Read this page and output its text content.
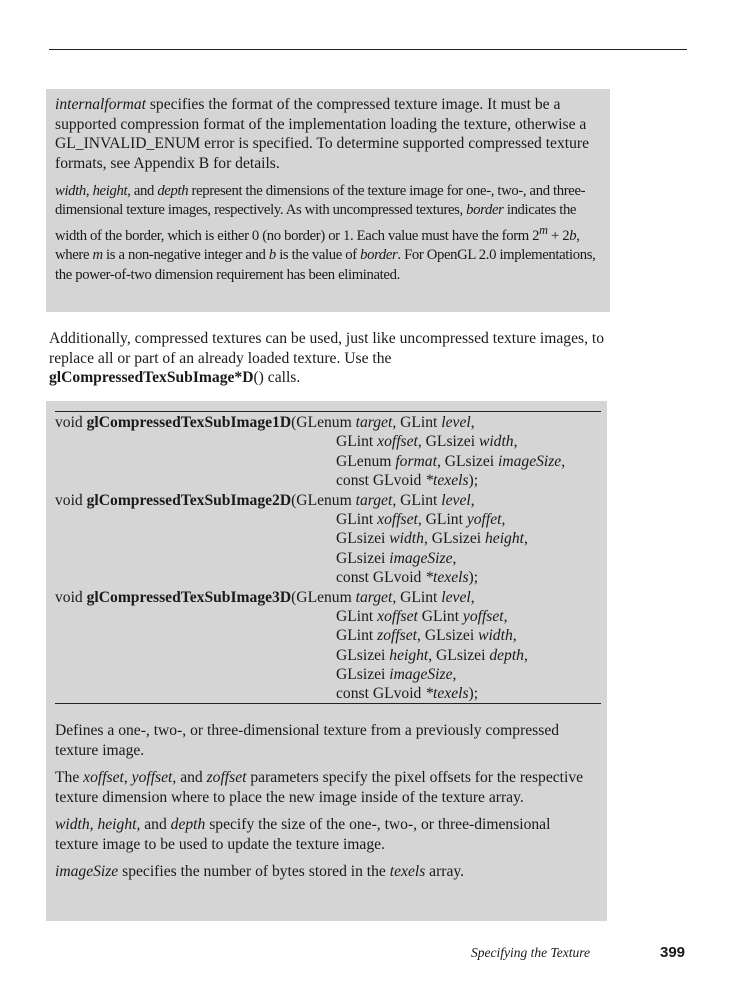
internalformat specifies the format of the compressed texture image. It must be a supported compression format of the implementation loading the texture, otherwise a GL_INVALID_ENUM error is specified. To determine supported compressed texture formats, see Appendix B for details.

width, height, and depth represent the dimensions of the texture image for one-, two-, and three-dimensional texture images, respectively. As with uncompressed textures, border indicates the width of the border, which is either 0 (no border) or 1. Each value must have the form $2^m + 2b$, where m is a non-negative integer and b is the value of border. For OpenGL 2.0 implementations, the power-of-two dimension requirement has been eliminated.

Additionally, compressed textures can be used, just like uncompressed texture images, to replace all or part of an already loaded texture. Use the glCompressedTexSubImage*D() calls.

void glCompressedTexSubImage1D(GLenum target, GLint level,
GLint xoffset, GLsizei width,
GLenum format, GLsizei imageSize,
const GLvoid *texels);
void glCompressedTexSubImage2D(GLenum target, GLint level,
GLint xoffset, GLint yoffet,
GLsizei width, GLsizei height,
GLsizei imageSize,
const GLvoid *texels);
void glCompressedTexSubImage3D(GLenum target, GLint level,
GLint xoffset GLint yoffset,
GLint zoffset, GLsizei width,
GLsizei height, GLsizei depth,
GLsizei imageSize,
const GLvoid *texels);

Defines a one-, two-, or three-dimensional texture from a previously compressed texture image.

The xoffset, yoffset, and zoffset parameters specify the pixel offsets for the respective texture dimension where to place the new image inside of the texture array.

width, height, and depth specify the size of the one-, two-, or three-dimensional texture image to be used to update the texture image.

imageSize specifies the number of bytes stored in the texels array.

Specifying the Texture	399
